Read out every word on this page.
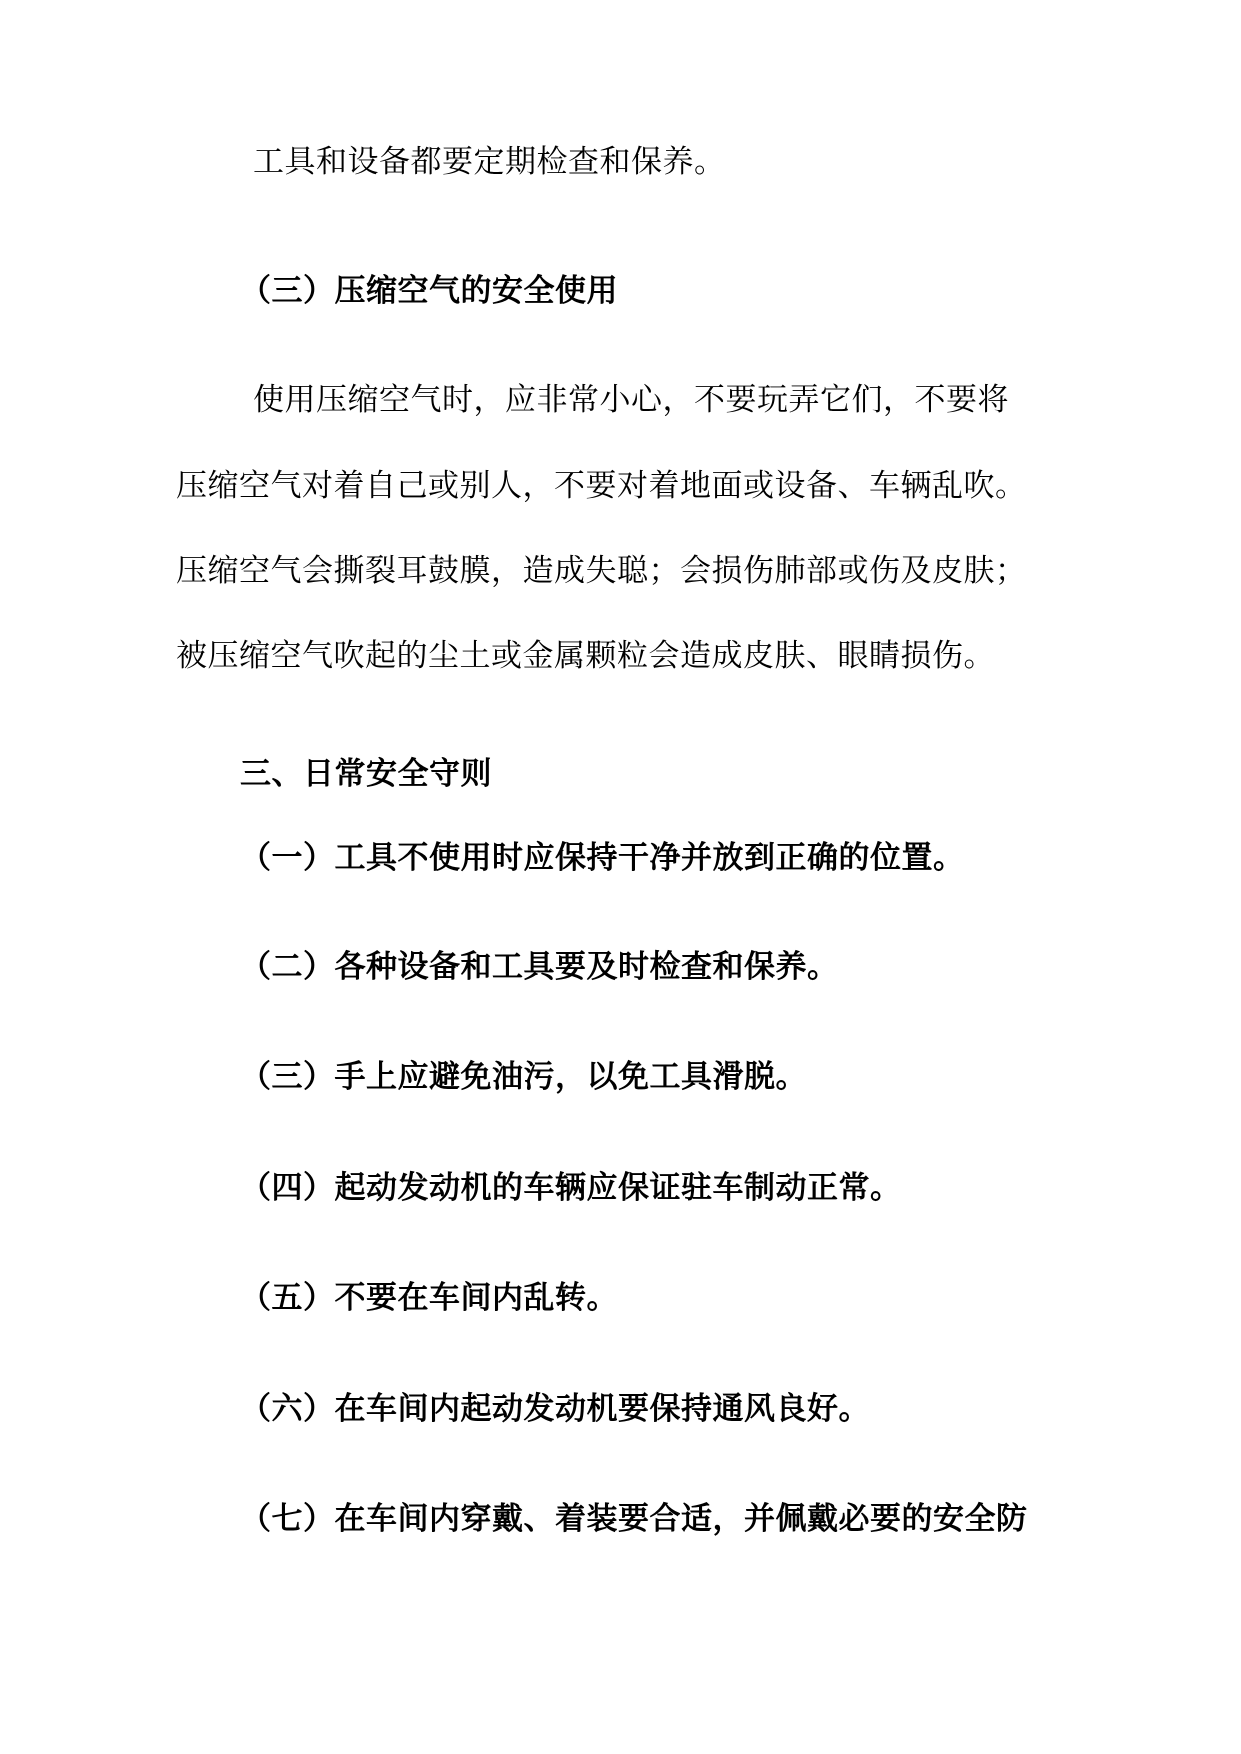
工具和设备都要定期检查和保养。
（三）压缩空气的安全使用
使用压缩空气时，应非常小心，不要玩弄它们，不要将
压缩空气对着自己或别人，不要对着地面或设备、车辆乱吹。
压缩空气会撕裂耳鼓膜，造成失聪；会损伤肺部或伤及皮肤；
被压缩空气吹起的尘土或金属颗粒会造成皮肤、眼睛损伤。
三、日常安全守则
（一）工具不使用时应保持干净并放到正确的位置。
（二）各种设备和工具要及时检查和保养。
（三）手上应避免油污，以免工具滑脱。
（四）起动发动机的车辆应保证驻车制动正常。
（五）不要在车间内乱转。
（六）在车间内起动发动机要保持通风良好。
（七）在车间内穿戴、着装要合适，并佩戴必要的安全防
